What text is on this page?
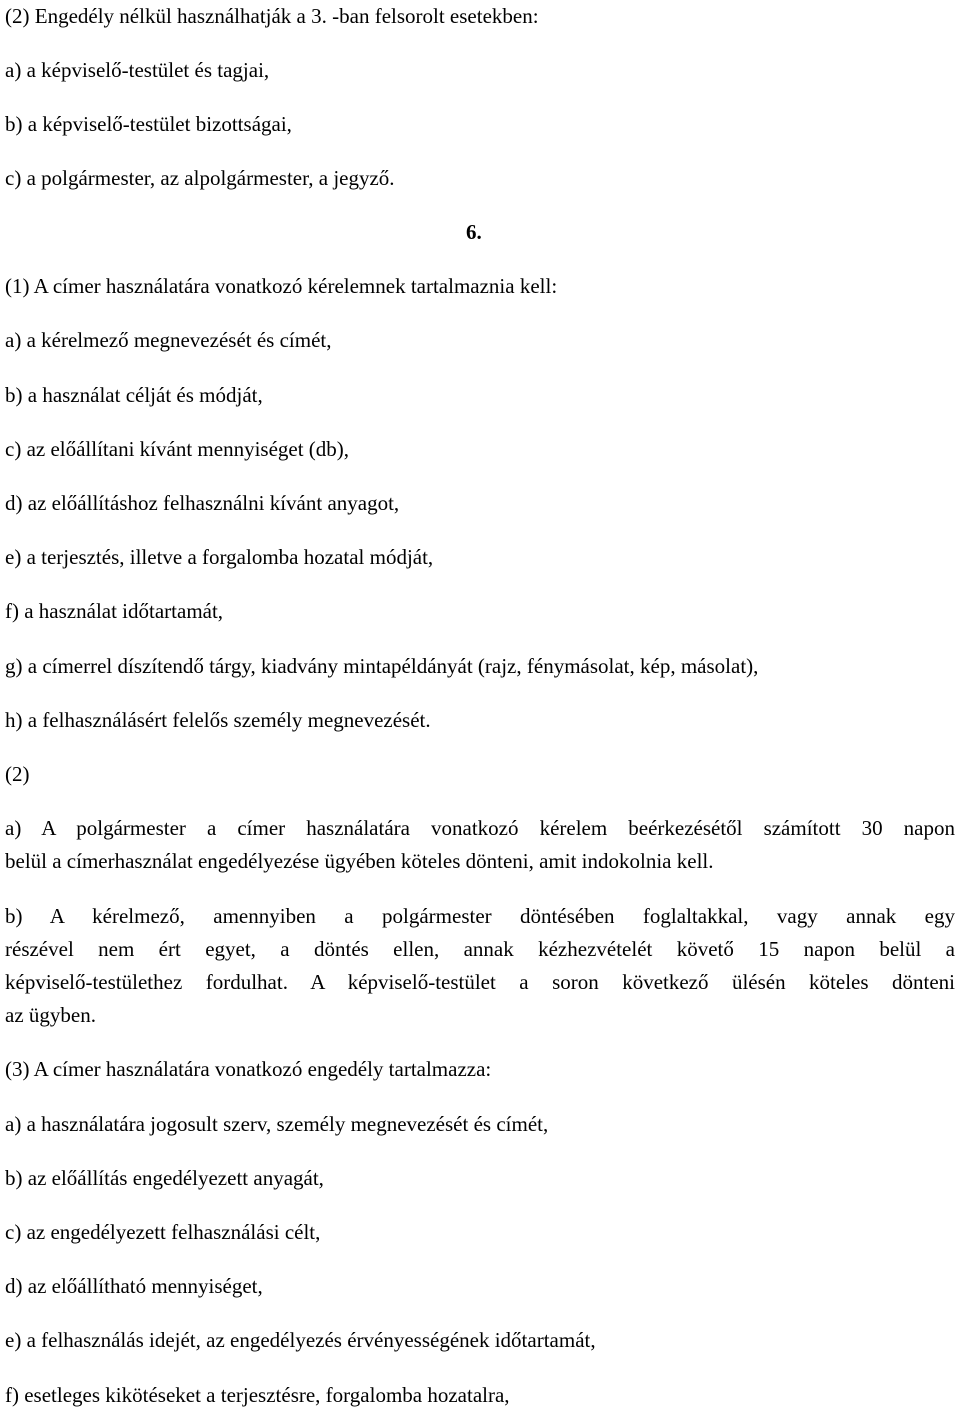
(2) Engedély nélkül használhatják a 3. -ban felsorolt esetekben:
a) a képviselő-testület és tagjai,
b) a képviselő-testület bizottságai,
c) a polgármester, az alpolgármester, a jegyző.
6.
(1) A címer használatára vonatkozó kérelemnek tartalmaznia kell:
a) a kérelmező megnevezését és címét,
b) a használat célját és módját,
c) az előállítani kívánt mennyiséget (db),
d) az előállításhoz felhasználni kívánt anyagot,
e) a terjesztés, illetve a forgalomba hozatal módját,
f) a használat időtartamát,
g) a címerrel díszítendő tárgy, kiadvány mintapéldányát (rajz, fénymásolat, kép, másolat),
h) a felhasználásért felelős személy megnevezését.
(2)
a) A polgármester a címer használatára vonatkozó kérelem beérkezésétől számított 30 napon
belül a címerhasználat engedélyezése ügyében köteles dönteni, amit indokolnia kell.
b) A kérelmező, amennyiben a polgármester döntésében foglaltakkal, vagy annak egy
részével nem ért egyet, a döntés ellen, annak kézhezvételét követő 15 napon belül a
képviselő-testülethez fordulhat. A képviselő-testület a soron következő ülésén köteles dönteni
az ügyben.
(3) A címer használatára vonatkozó engedély tartalmazza:
a) a használatára jogosult szerv, személy megnevezését és címét,
b) az előállítás engedélyezett anyagát,
c) az engedélyezett felhasználási célt,
d) az előállítható mennyiséget,
e) a felhasználás idejét, az engedélyezés érvényességének időtartamát,
f) esetleges kikötéseket a terjesztésre, forgalomba hozatalra,
